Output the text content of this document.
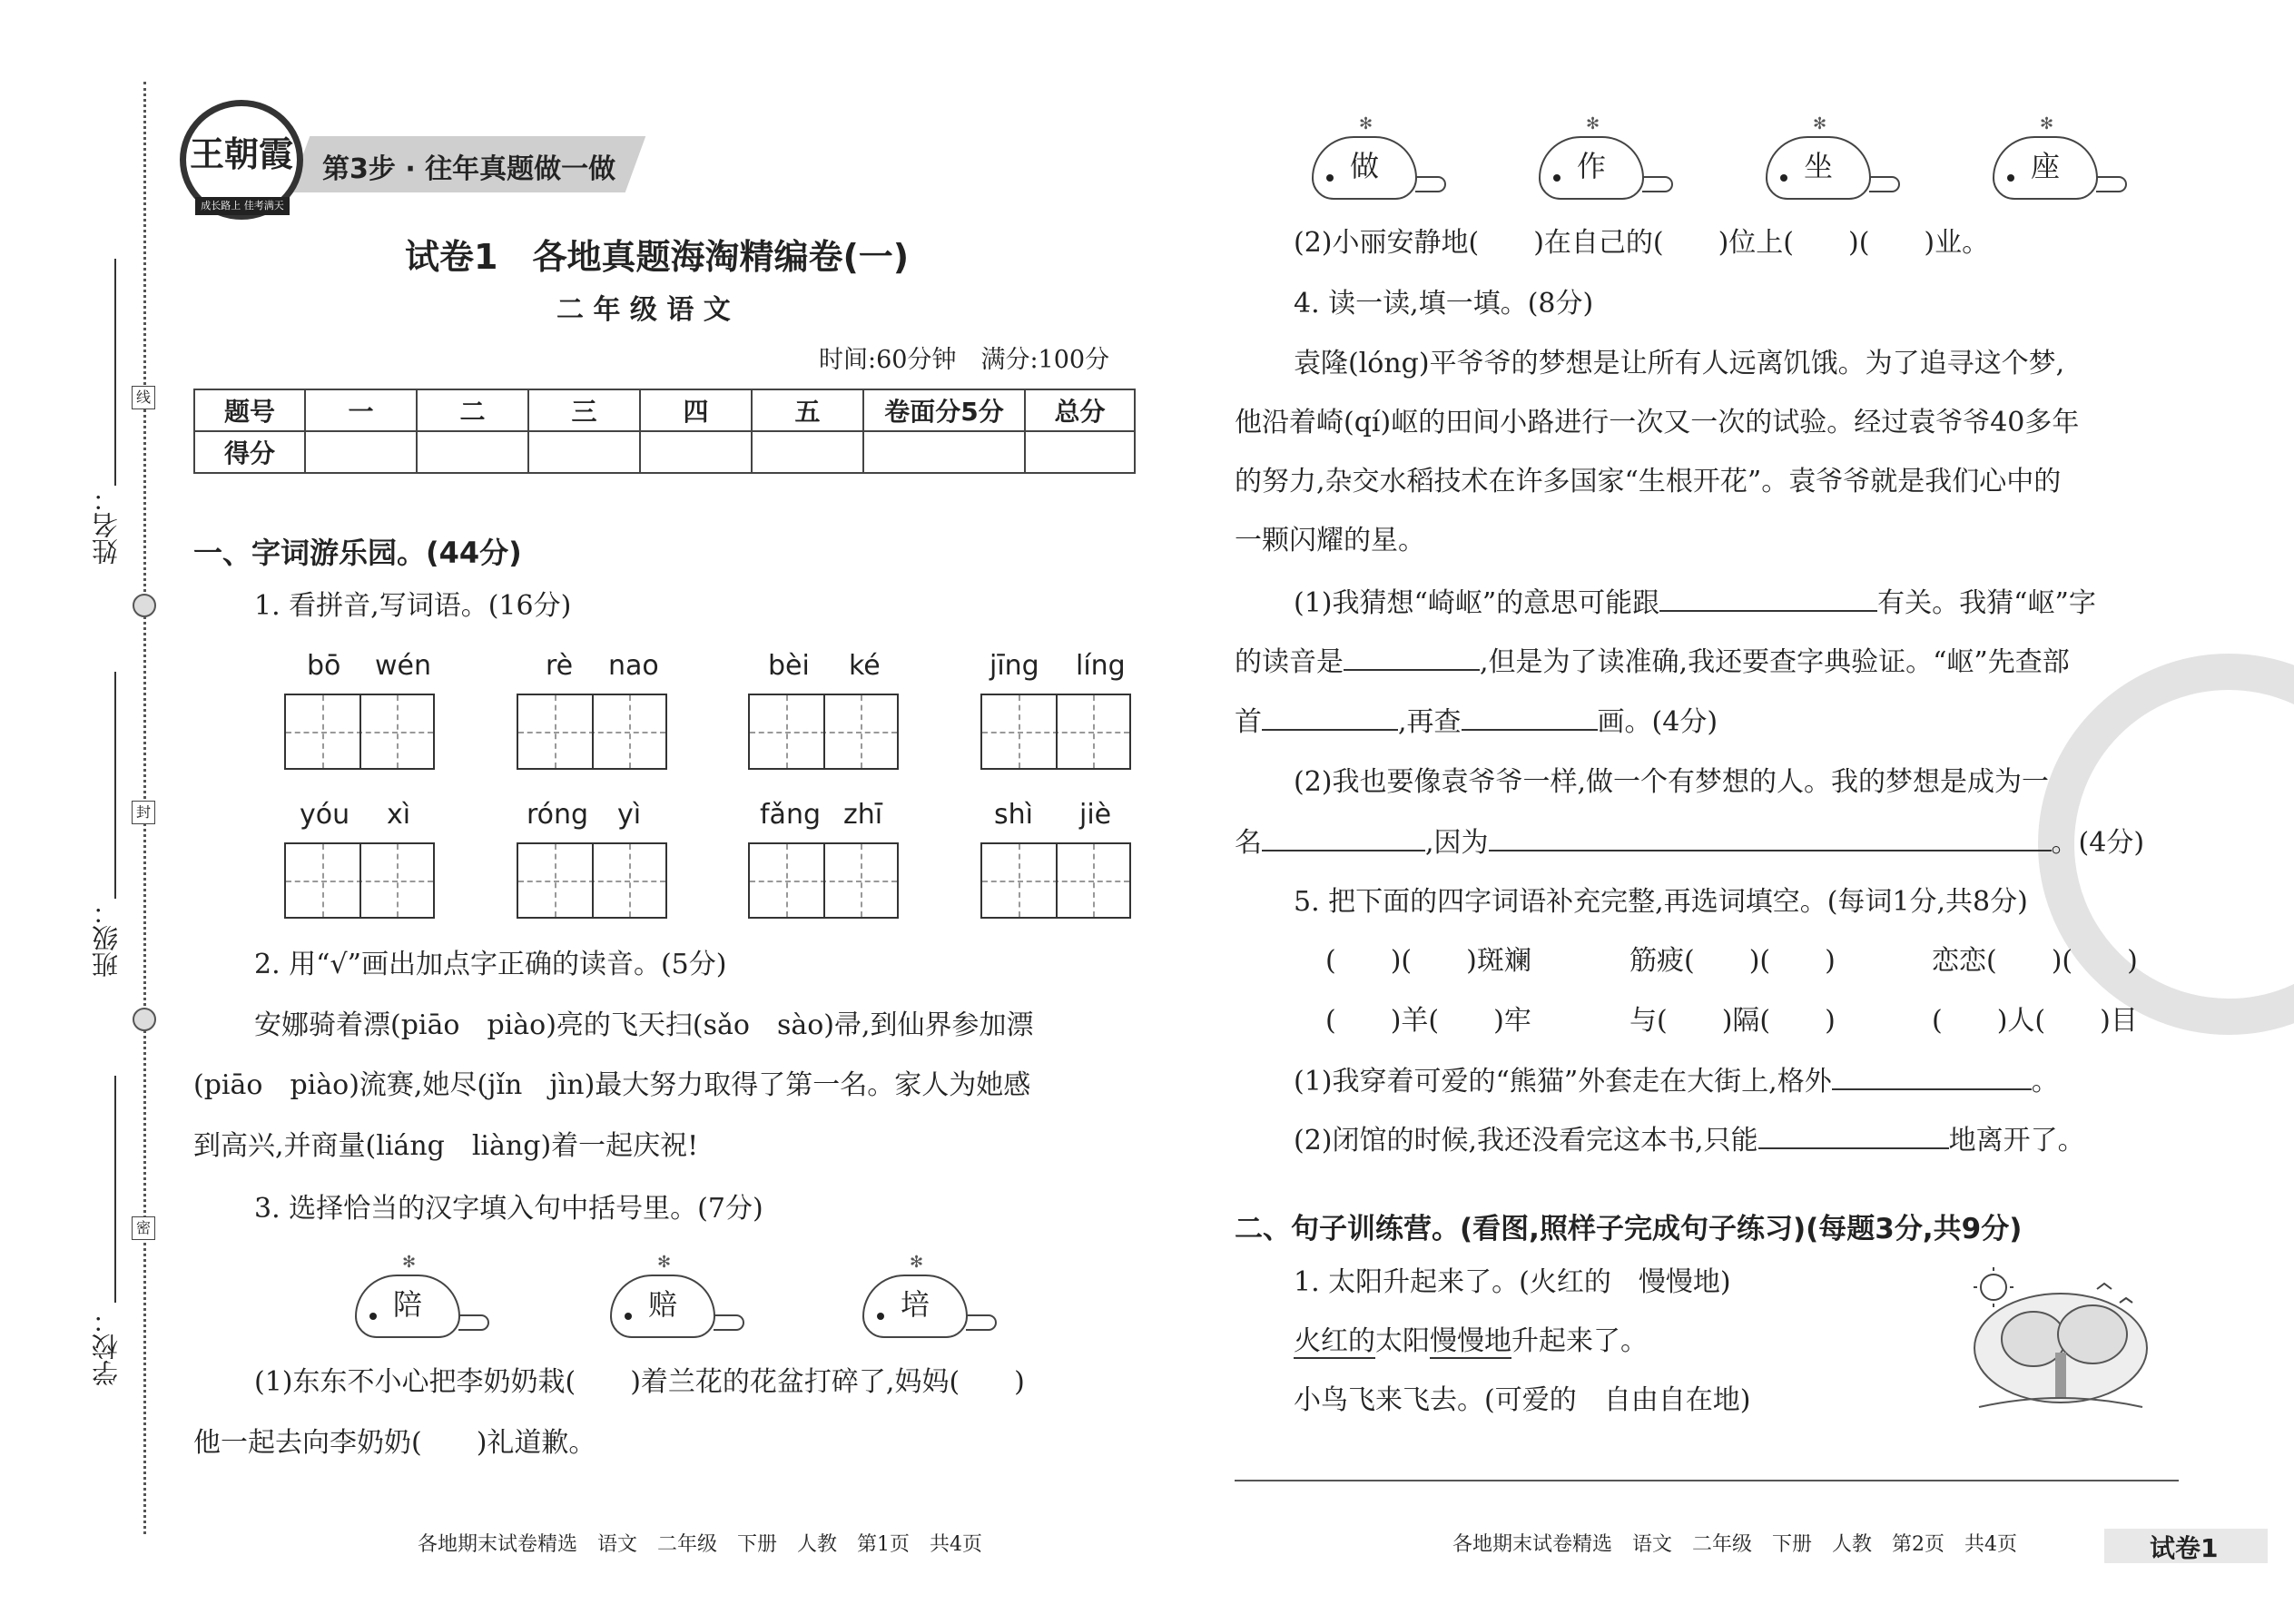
姓名：
班级：
学校：
线
封
密
第3步 · 往年真题做一做
王朝霞
成长路上 佳考满天
试卷1　各地真题海淘精编卷(一)
二 年 级 语 文
时间:60分钟　满分:100分
题号	一	二	三	四	五	卷面分5分	总分
得分							
一、字词游乐园。(44分)
1. 看拼音,写词语。(16分)
bō wén	rè nao	bèi ké	jīng líng
yóu xì	róng yì	fǎng zhī	shì jiè
2. 用“√”画出加点字正确的读音。(5分)
安娜骑着漂(piāo　piào)亮的飞天扫(sǎo　sào)帚,到仙界参加漂
(piāo　piào)流赛,她尽(jǐn　jìn)最大努力取得了第一名。家人为她感
到高兴,并商量(liáng　liàng)着一起庆祝!
3. 选择恰当的汉字填入句中括号里。(7分)
✻
陪
✻
赔
✻
培
(1)东东不小心把李奶奶栽(　　)着兰花的花盆打碎了,妈妈(　　)
他一起去向李奶奶(　　)礼道歉。
各地期末试卷精选　语文　二年级　下册　人教　第1页　共4页
✻
做
✻
作
✻
坐
✻
座
(2)小丽安静地(　　)在自己的(　　)位上(　　)(　　)业。
4. 读一读,填一填。(8分)
袁隆(lóng)平爷爷的梦想是让所有人远离饥饿。为了追寻这个梦,
他沿着崎(qí)岖的田间小路进行一次又一次的试验。经过袁爷爷40多年
的努力,杂交水稻技术在许多国家“生根开花”。袁爷爷就是我们心中的
一颗闪耀的星。
(1)我猜想“崎岖”的意思可能跟	有关。我猜“岖”字
的读音是	,但是为了读准确,我还要查字典验证。“岖”先查部
首	,再查	画。(4分)
(2)我也要像袁爷爷一样,做一个有梦想的人。我的梦想是成为一
名	,因为	。(4分)
5. 把下面的四字词语补充完整,再选词填空。(每词1分,共8分)
(　　)(　　)斑斓	筋疲(　　)(　　)	恋恋(　　)(　　)
(　　)羊(　　)牢	与(　　)隔(　　)	(　　)人(　　)目
(1)我穿着可爱的“熊猫”外套走在大街上,格外	。
(2)闭馆的时候,我还没看完这本书,只能	地离开了。
二、句子训练营。(看图,照样子完成句子练习)(每题3分,共9分)
1. 太阳升起来了。(火红的　慢慢地)
火红的太阳慢慢地升起来了。
小鸟飞来飞去。(可爱的　自由自在地)
各地期末试卷精选　语文　二年级　下册　人教　第2页　共4页	试卷1
